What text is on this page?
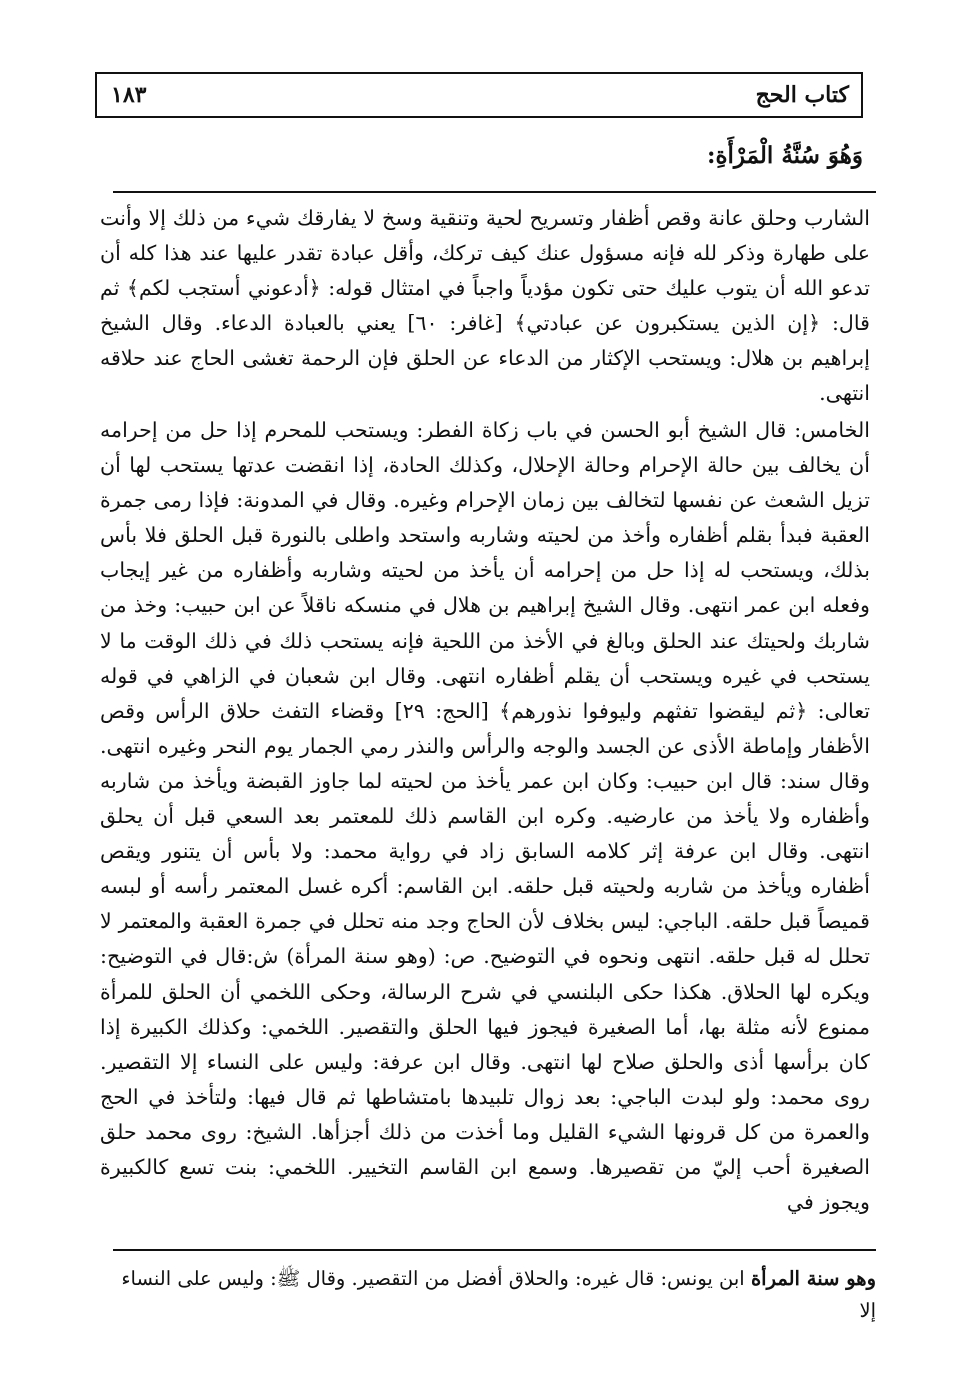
كتاب الحج
١٨٣
وَهُوَ سُنَّةُ الْمَرْأَةِ:
الشارب وحلق عانة وقص أظفار وتسريح لحية وتنقية وسخ لا يفارقك شيء من ذلك إلا وأنت على طهارة وذكر لله فإنه مسؤول عنك كيف تركك، وأقل عبادة تقدر عليها عند هذا كله أن تدعو الله أن يتوب عليك حتى تكون مؤدياً واجباً في امتثال قوله: ﴿أدعوني أستجب لكم﴾ ثم قال: ﴿إن الذين يستكبرون عن عبادتي﴾ [غافر: ٦٠] يعني بالعبادة الدعاء. وقال الشيخ إبراهيم بن هلال: ويستحب الإكثار من الدعاء عن الحلق فإن الرحمة تغشى الحاج عند حلاقه انتهى.
الخامس: قال الشيخ أبو الحسن في باب زكاة الفطر: ويستحب للمحرم إذا حل من إحرامه أن يخالف بين حالة الإحرام وحالة الإحلال، وكذلك الحادة، إذا انقضت عدتها يستحب لها أن تزيل الشعث عن نفسها لتخالف بين زمان الإحرام وغيره. وقال في المدونة: فإذا رمى جمرة العقبة فبدأ بقلم أظفاره وأخذ من لحيته وشاربه واستحد واطلى بالنورة قبل الحلق فلا بأس بذلك، ويستحب له إذا حل من إحرامه أن يأخذ من لحيته وشاربه وأظفاره من غير إيجاب وفعله ابن عمر انتهى. وقال الشيخ إبراهيم بن هلال في منسكه ناقلاً عن ابن حبيب: وخذ من شاربك ولحيتك عند الحلق وبالغ في الأخذ من اللحية فإنه يستحب ذلك في ذلك الوقت ما لا يستحب في غيره ويستحب أن يقلم أظفاره انتهى. وقال ابن شعبان في الزاهي في قوله تعالى: ﴿ثم ليقضوا تفثهم وليوفوا نذورهم﴾ [الحج: ٢٩] وقضاء التفث حلاق الرأس وقص الأظفار وإماطة الأذى عن الجسد والوجه والرأس والنذر رمي الجمار يوم النحر وغيره انتهى. وقال سند: قال ابن حبيب: وكان ابن عمر يأخذ من لحيته لما جاوز القبضة ويأخذ من شاربه وأظفاره ولا يأخذ من عارضيه. وكره ابن القاسم ذلك للمعتمر بعد السعي قبل أن يحلق انتهى. وقال ابن عرفة إثر كلامه السابق زاد في رواية محمد: ولا بأس أن يتنور ويقص أظفاره ويأخذ من شاربه ولحيته قبل حلقه. ابن القاسم: أكره غسل المعتمر رأسه أو لبسه قميصاً قبل حلقه. الباجي: ليس بخلاف لأن الحاج وجد منه تحلل في جمرة العقبة والمعتمر لا تحلل له قبل حلقه. انتهى ونحوه في التوضيح. ص: (وهو سنة المرأة) ش:قال في التوضيح: ويكره لها الحلاق. هكذا حكى البلنسي في شرح الرسالة، وحكى اللخمي أن الحلق للمرأة ممنوع لأنه مثلة بها، أما الصغيرة فيجوز فيها الحلق والتقصير. اللخمي: وكذلك الكبيرة إذا كان برأسها أذى والحلق صلاح لها انتهى. وقال ابن عرفة: وليس على النساء إلا التقصير. روى محمد: ولو لبدت الباجي: بعد زوال تلبيدها بامتشاطها ثم قال فيها: ولتأخذ في الحج والعمرة من كل قرونها الشيء القليل وما أخذت من ذلك أجزأها. الشيخ: روى محمد حلق الصغيرة أحب إليّ من تقصيرها. وسمع ابن القاسم التخيير. اللخمي: بنت تسع كالكبيرة ويجوز في
وهو سنة المرأة ابن يونس: قال غيره: والحلاق أفضل من التقصير. وقال ﷺ: وليس على النساء إلا
